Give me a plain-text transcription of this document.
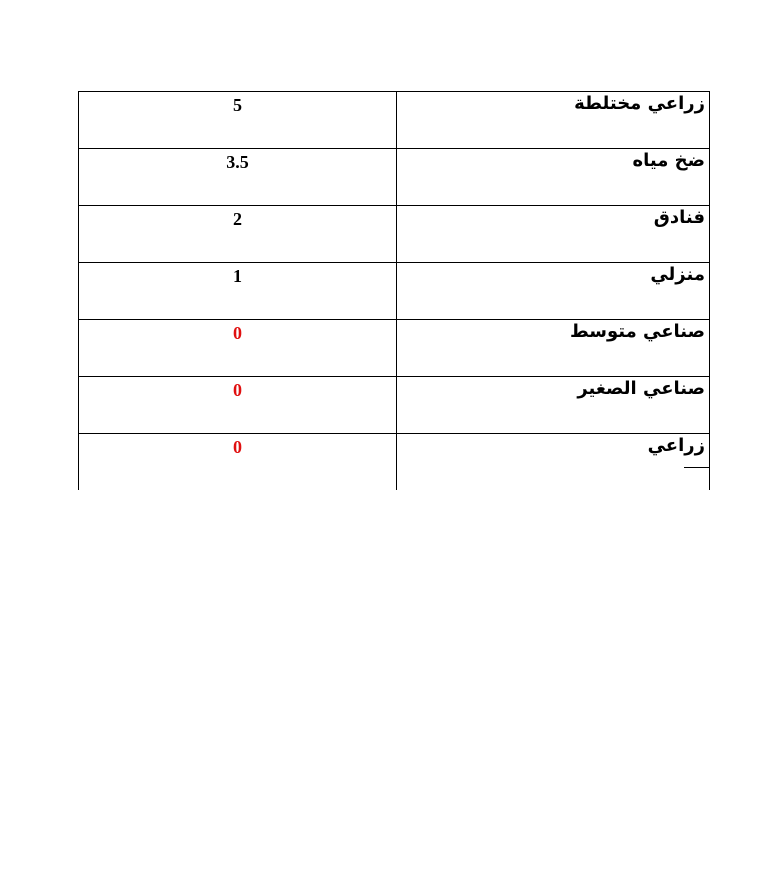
5	زراعي مختلطة
3.5	ضخ مياه
2	فنادق
1	منزلي
0	صناعي متوسط
0	صناعي الصغير
0	زراعي
